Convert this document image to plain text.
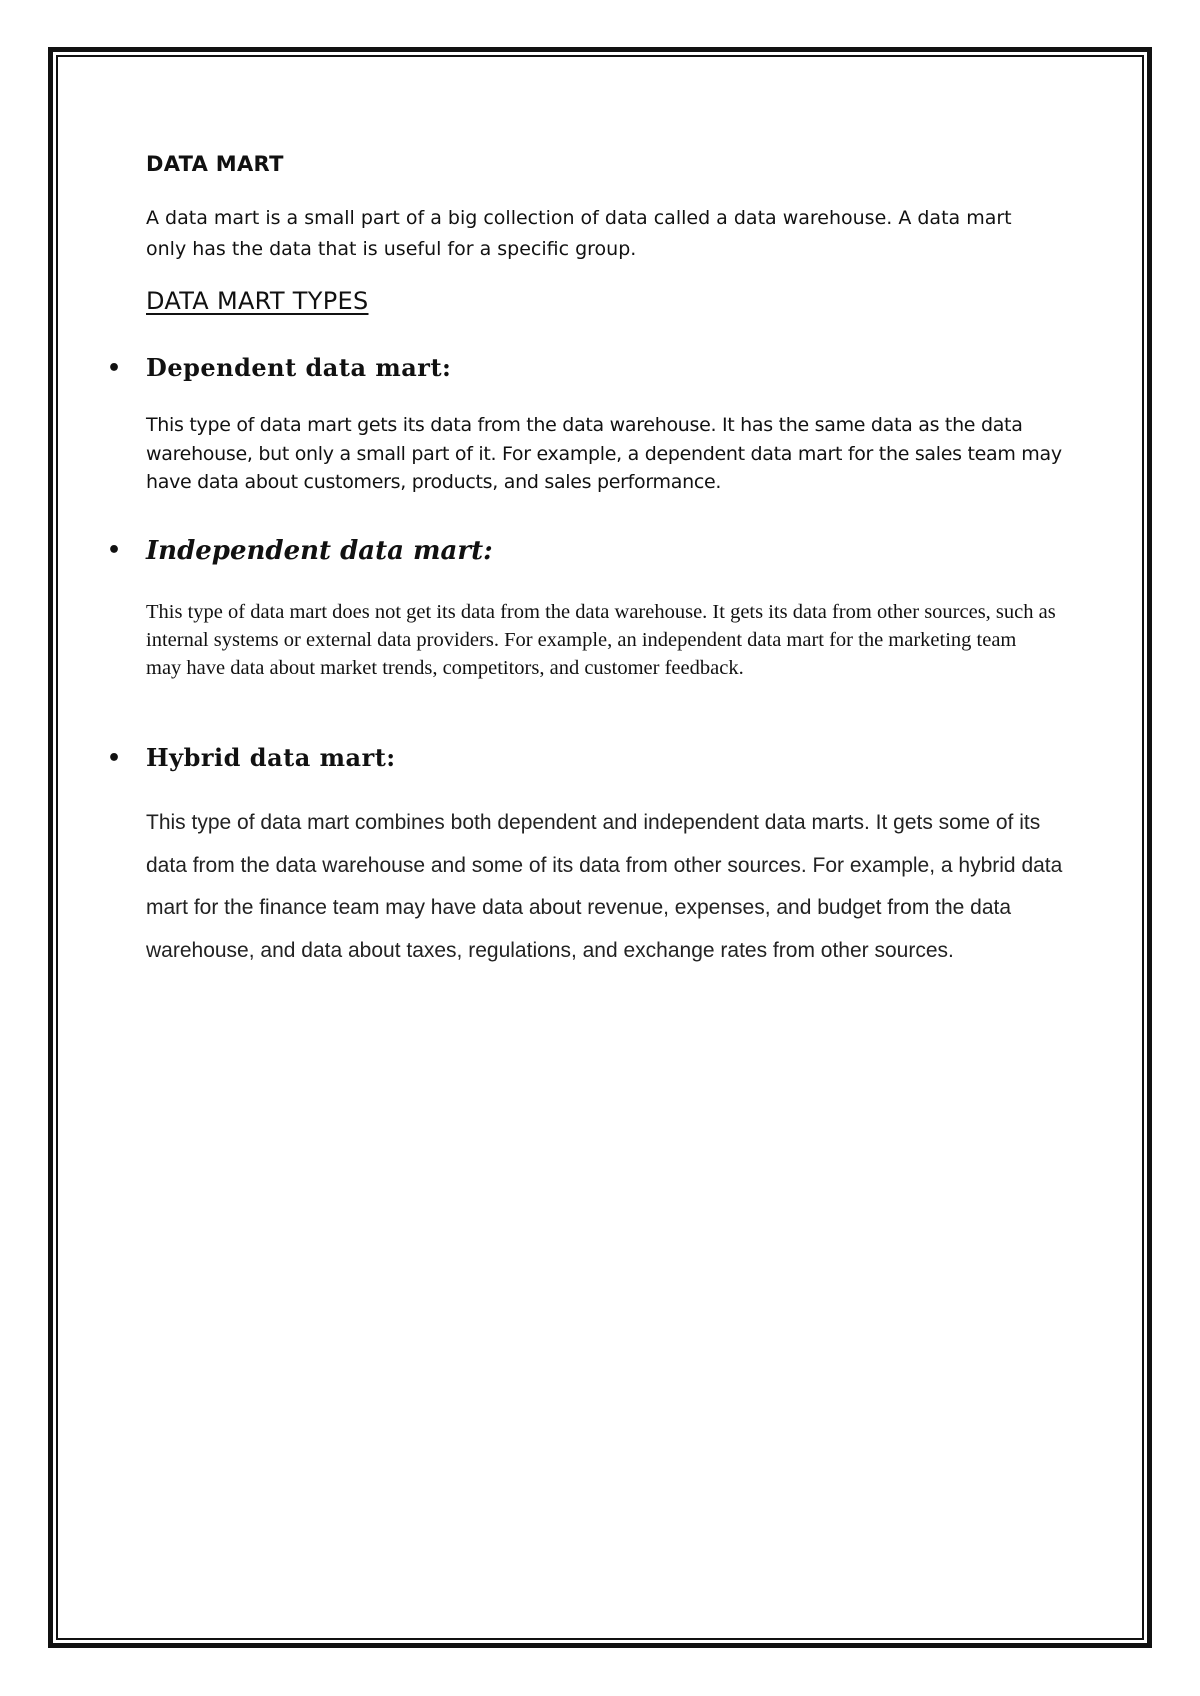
DATA MART

A data mart is a small part of a big collection of data called a data warehouse. A data mart only has the data that is useful for a specific group.

DATA MART TYPES
• Dependent data mart:

This type of data mart gets its data from the data warehouse. It has the same data as the data warehouse, but only a small part of it. For example, a dependent data mart for the sales team may have data about customers, products, and sales performance.

• Independent data mart:

This type of data mart does not get its data from the data warehouse. It gets its data from other sources, such as internal systems or external data providers. For example, an independent data mart for the marketing team may have data about market trends, competitors, and customer feedback.

• Hybrid data mart:

This type of data mart combines both dependent and independent data marts. It gets some of its data from the data warehouse and some of its data from other sources. For example, a hybrid data mart for the finance team may have data about revenue, expenses, and budget from the data warehouse, and data about taxes, regulations, and exchange rates from other sources.
